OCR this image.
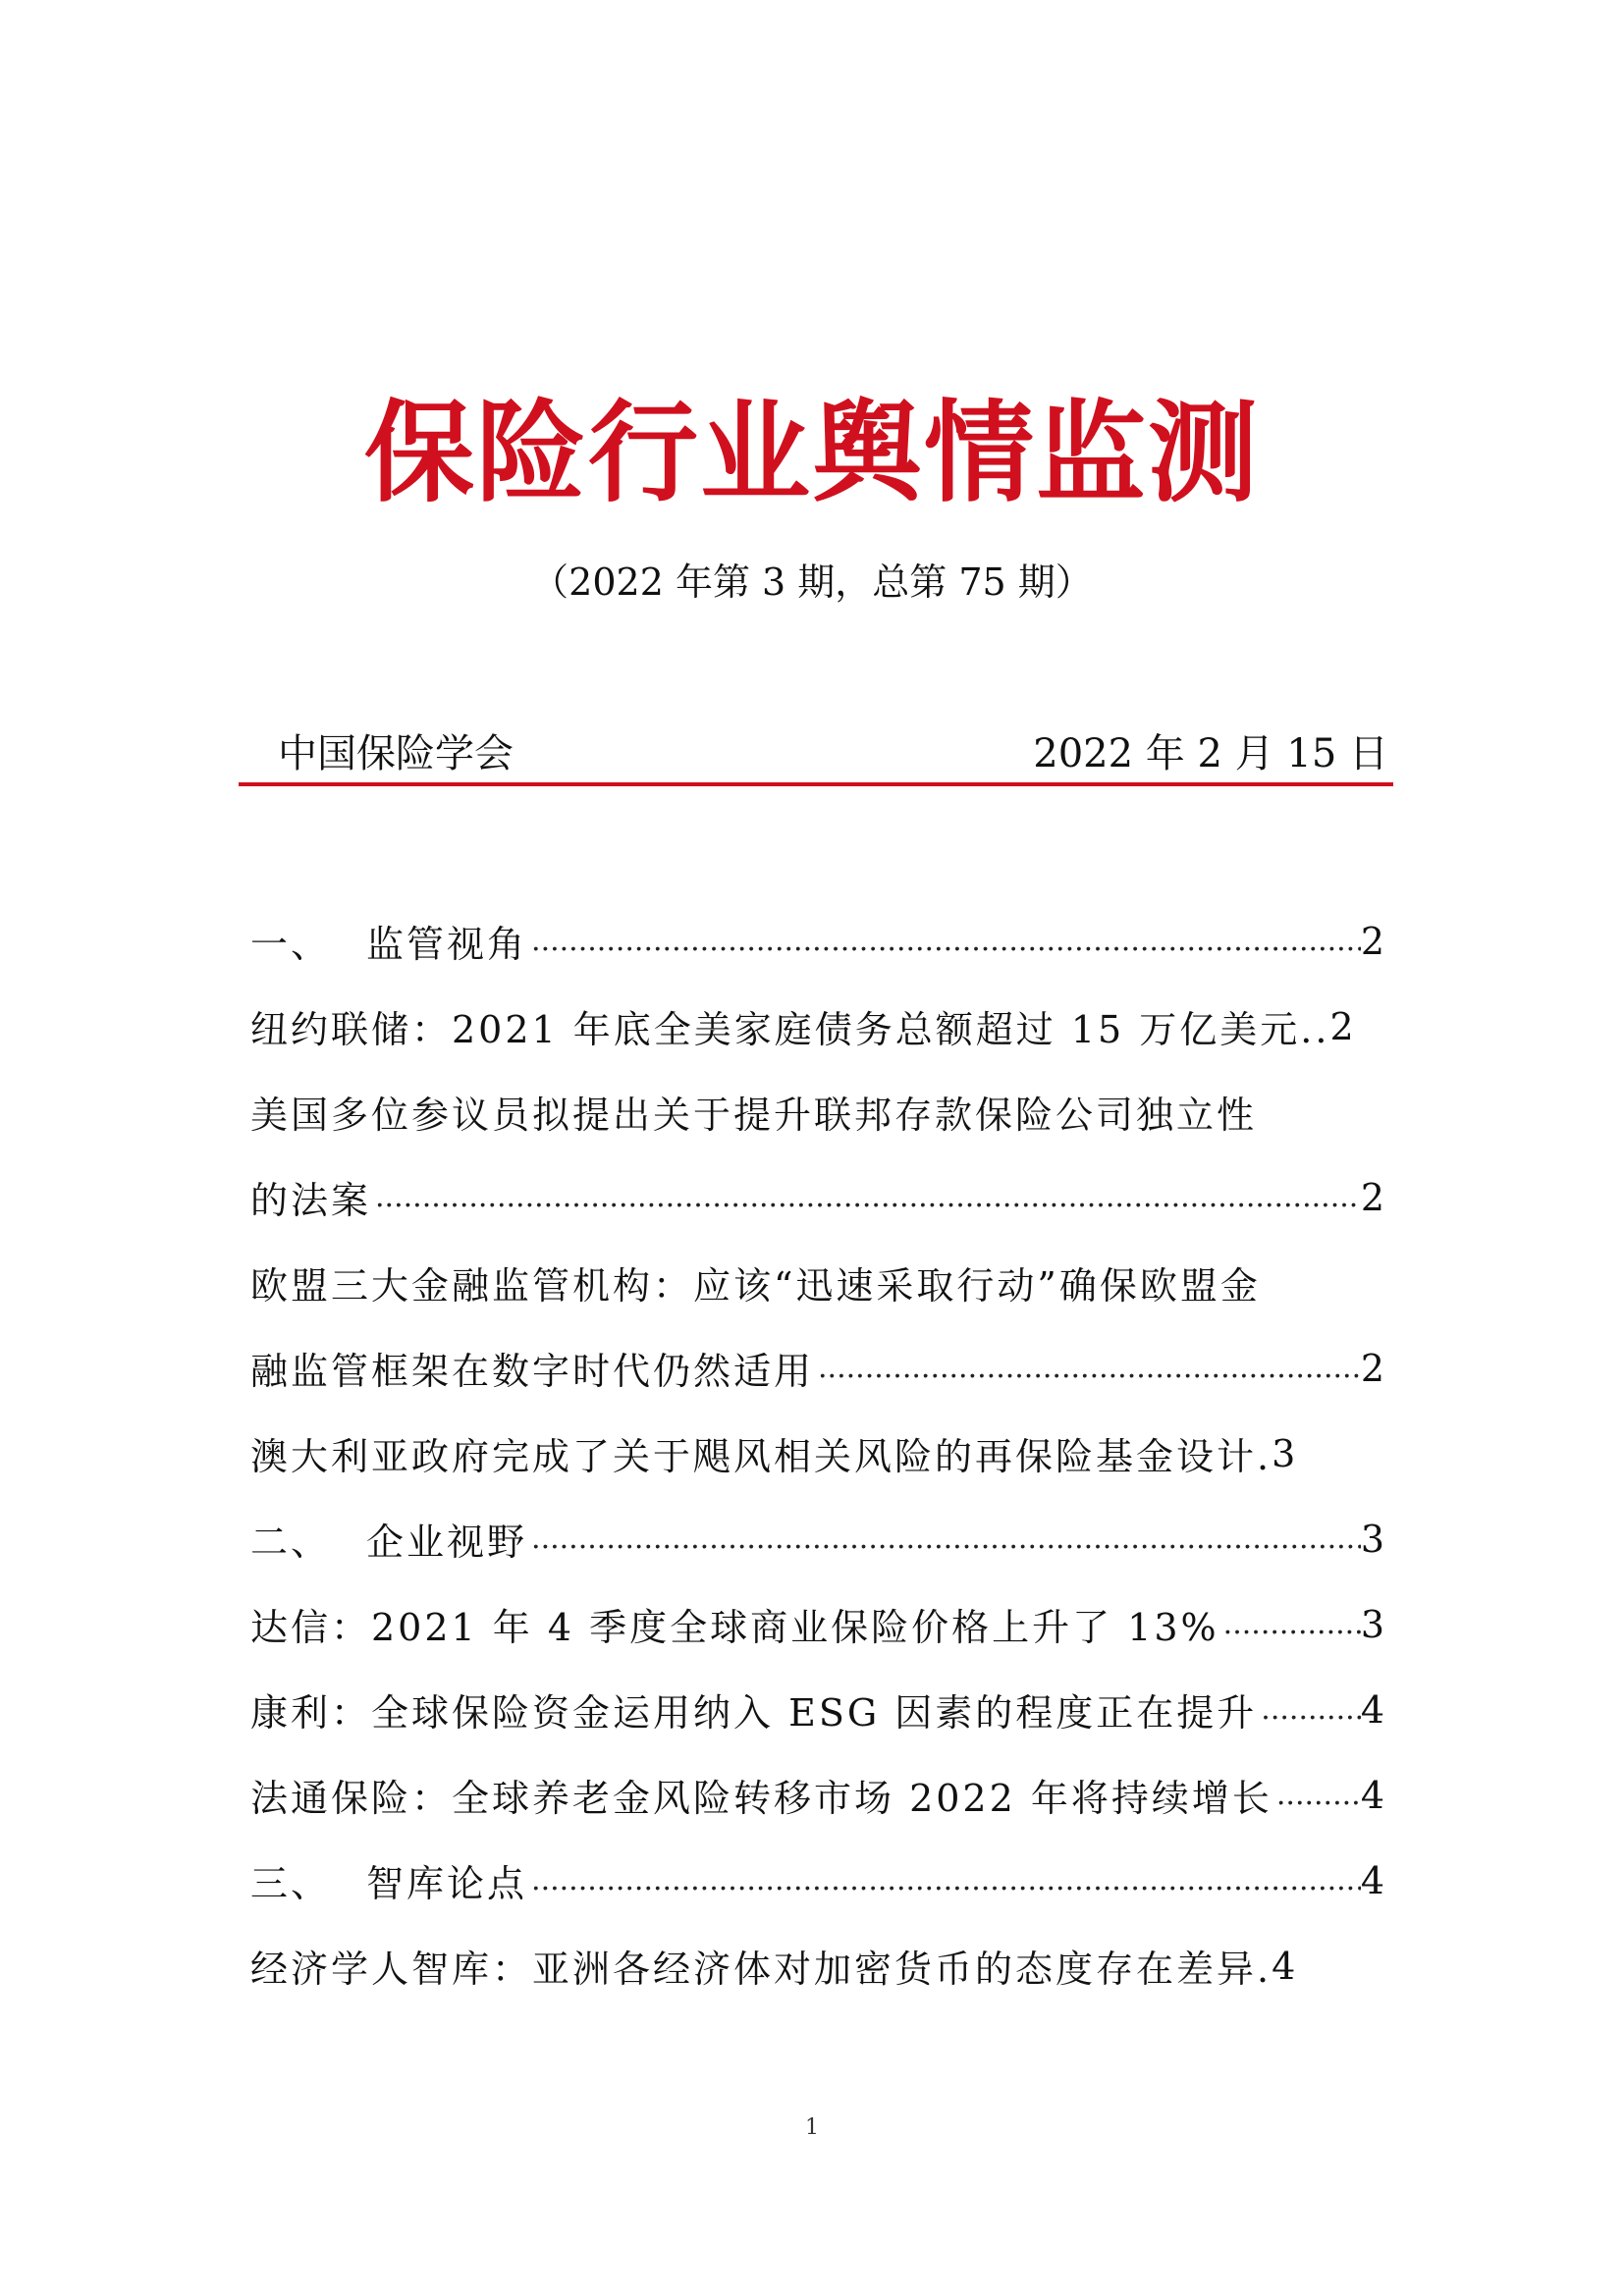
保险行业舆情监测
（2022 年第 3 期，总第 75 期）
中国保险学会	2022 年 2 月 15 日
一、 监管视角 .....	2
纽约联储：2021 年底全美家庭债务总额超过 15 万亿美元.. 2
美国多位参议员拟提出关于提升联邦存款保险公司独立性
的法案 .....	2
欧盟三大金融监管机构：应该“迅速采取行动”确保欧盟金
融监管框架在数字时代仍然适用 .....	2
澳大利亚政府完成了关于飓风相关风险的再保险基金设计. 3
二、 企业视野 .....	3
达信：2021 年 4 季度全球商业保险价格上升了 13% .....	3
康利：全球保险资金运用纳入 ESG 因素的程度正在提升 .....	4
法通保险：全球养老金风险转移市场 2022 年将持续增长 ..... 4
三、 智库论点 .....	4
经济学人智库：亚洲各经济体对加密货币的态度存在差异. 4
1
